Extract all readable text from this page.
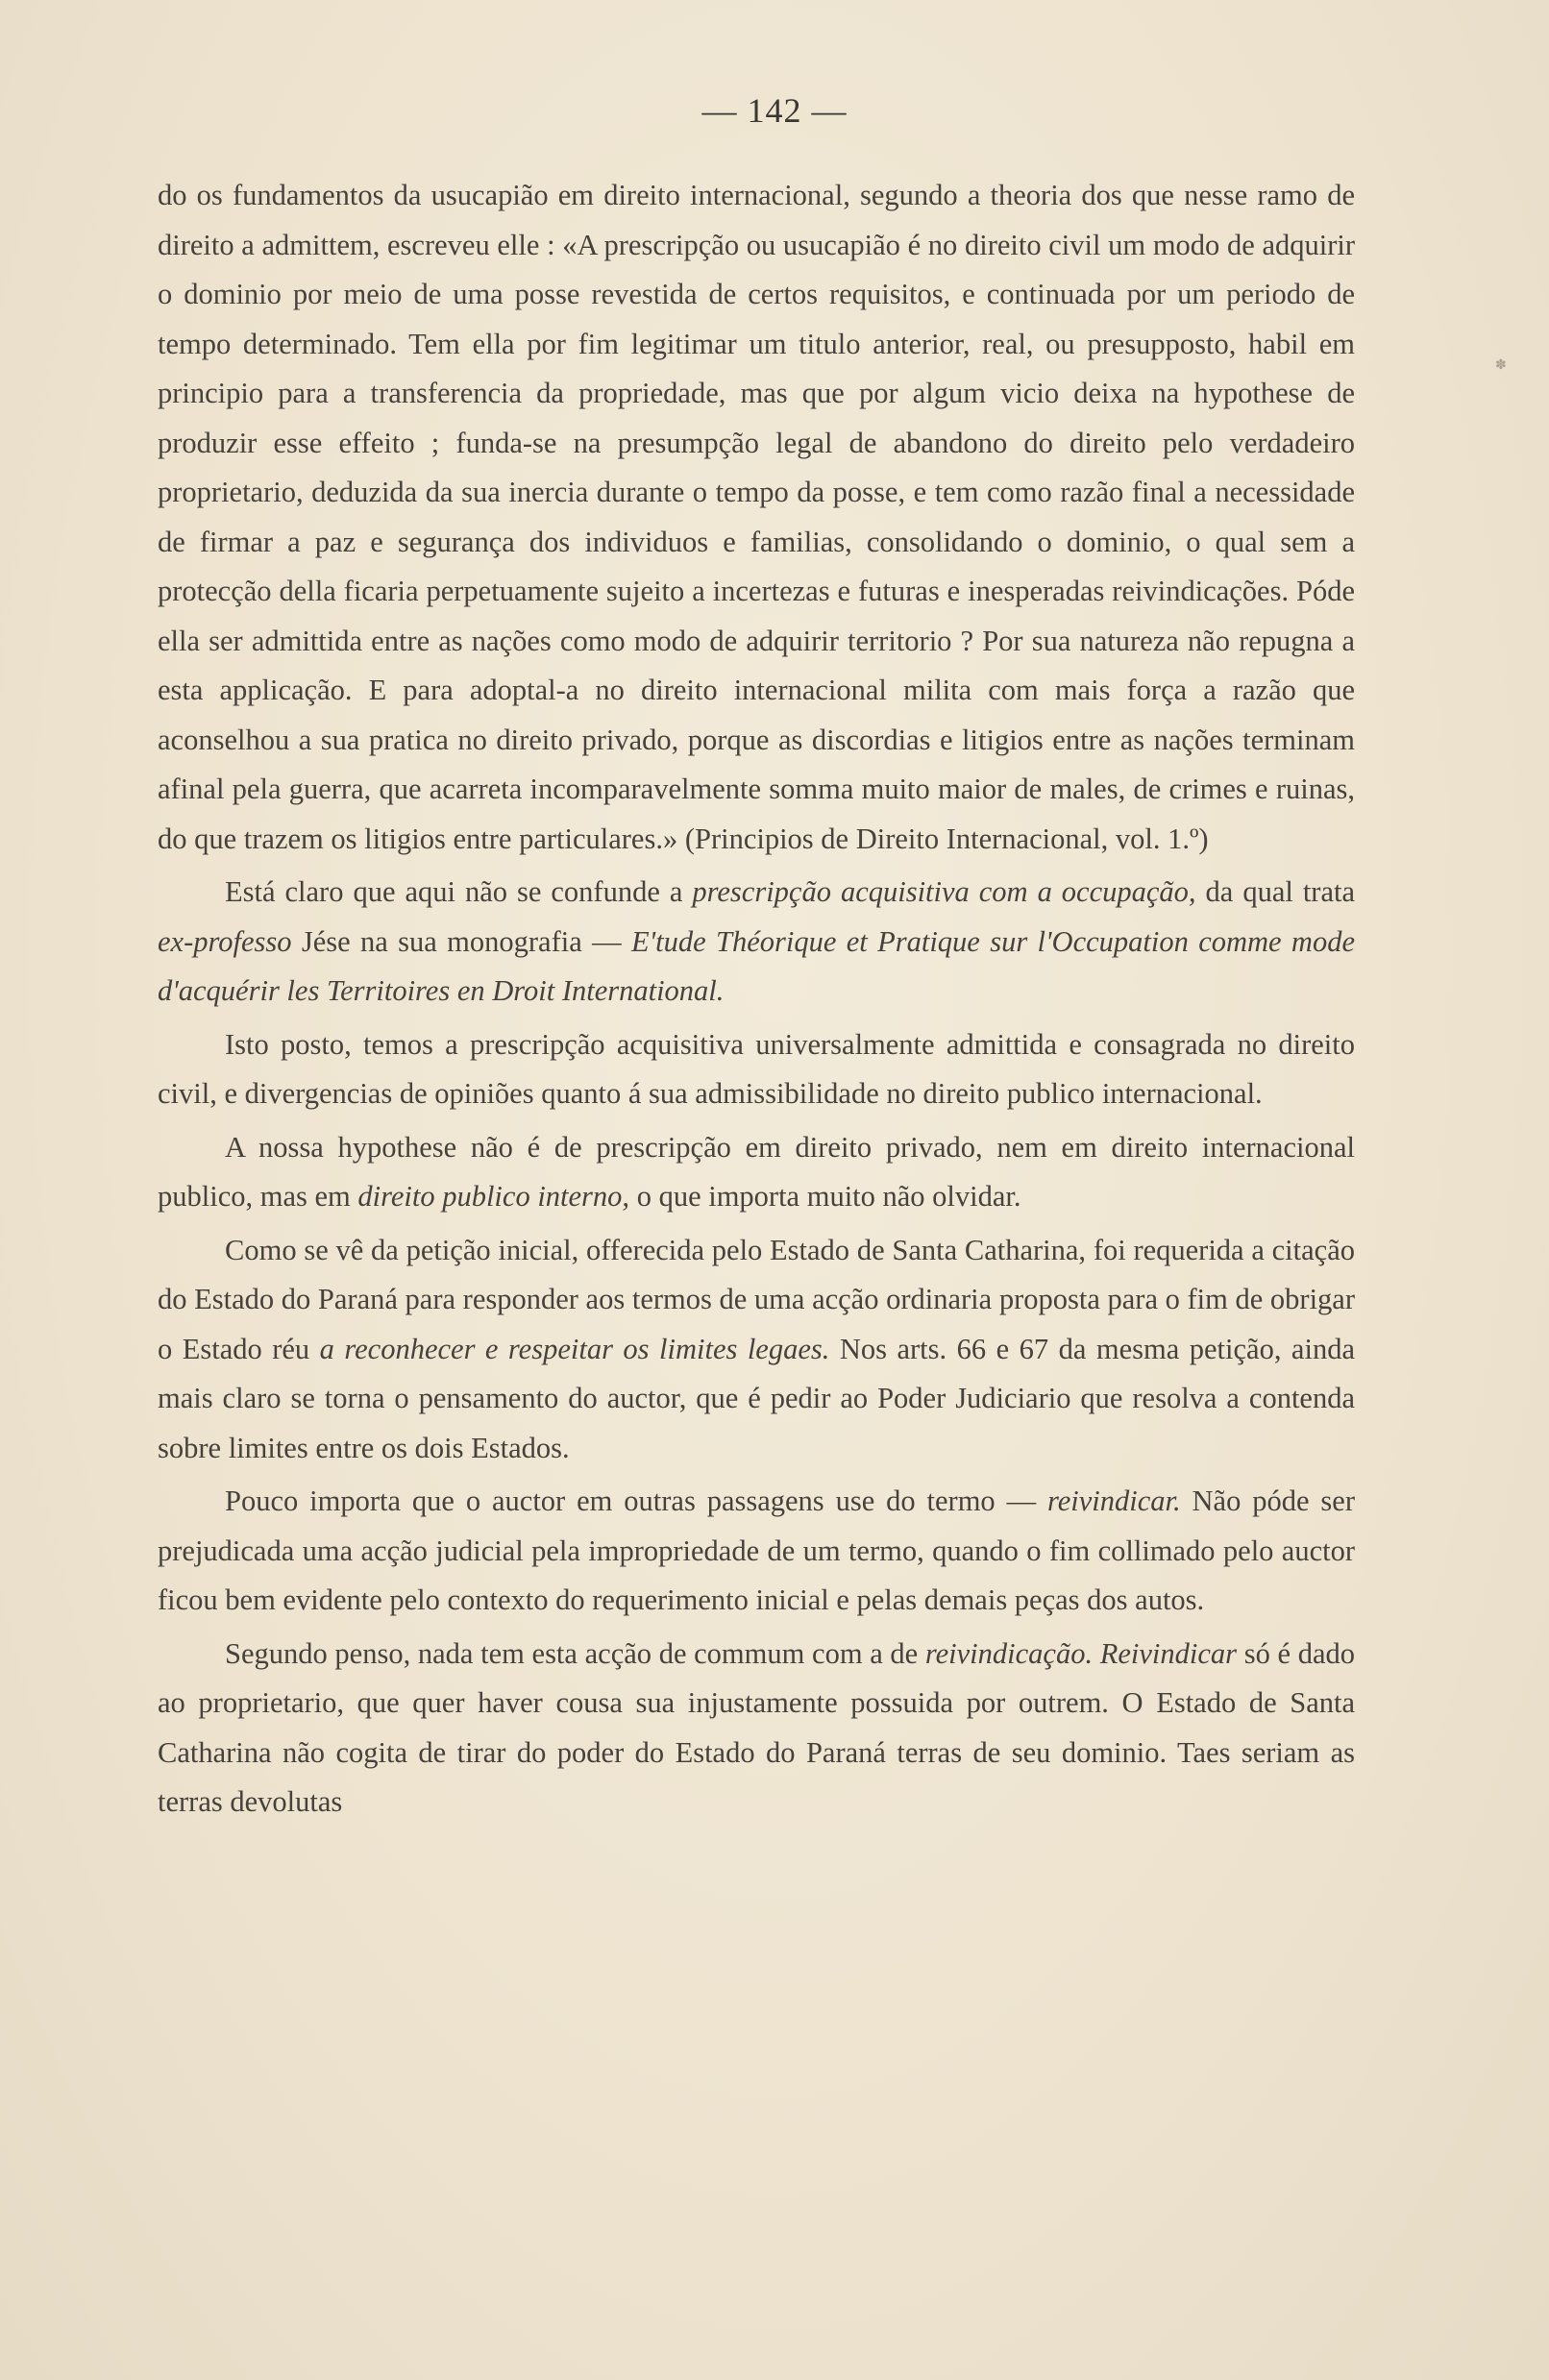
— 142 —

do os fundamentos da usucapião em direito internacional, segundo a theoria dos que nesse ramo de direito a admittem, escreveu elle : «A prescripção ou usucapião é no direito civil um modo de adquirir o dominio por meio de uma posse revestida de certos requisitos, e continuada por um periodo de tempo determinado. Tem ella por fim legitimar um titulo anterior, real, ou presupposto, habil em principio para a transferencia da propriedade, mas que por algum vicio deixa na hypothese de produzir esse effeito ; funda-se na presumpção legal de abandono do direito pelo verdadeiro proprietario, deduzida da sua inercia durante o tempo da posse, e tem como razão final a necessidade de firmar a paz e segurança dos individuos e familias, consolidando o dominio, o qual sem a protecção della ficaria perpetuamente sujeito a incertezas e futuras e inesperadas reivindicações. Póde ella ser admittida entre as nações como modo de adquirir territorio ? Por sua natureza não repugna a esta applicação. E para adoptal-a no direito internacional milita com mais força a razão que aconselhou a sua pratica no direito privado, porque as discordias e litigios entre as nações terminam afinal pela guerra, que acarreta incomparavelmente somma muito maior de males, de crimes e ruinas, do que trazem os litigios entre particulares.» (Principios de Direito Internacional, vol. 1.º)

Está claro que aqui não se confunde a prescripção acquisitiva com a occupação, da qual trata ex-professo Jése na sua monografia — E'tude Théorique et Pratique sur l'Occupation comme mode d'acquérir les Territoires en Droit International.

Isto posto, temos a prescripção acquisitiva universalmente admittida e consagrada no direito civil, e divergencias de opiniões quanto á sua admissibilidade no direito publico internacional.

A nossa hypothese não é de prescripção em direito privado, nem em direito internacional publico, mas em direito publico interno, o que importa muito não olvidar.

Como se vê da petição inicial, offerecida pelo Estado de Santa Catharina, foi requerida a citação do Estado do Paraná para responder aos termos de uma acção ordinaria proposta para o fim de obrigar o Estado réu a reconhecer e respeitar os limites legaes. Nos arts. 66 e 67 da mesma petição, ainda mais claro se torna o pensamento do auctor, que é pedir ao Poder Judiciario que resolva a contenda sobre limites entre os dois Estados.

Pouco importa que o auctor em outras passagens use do termo — reivindicar. Não póde ser prejudicada uma acção judicial pela impropriedade de um termo, quando o fim collimado pelo auctor ficou bem evidente pelo contexto do requerimento inicial e pelas demais peças dos autos.

Segundo penso, nada tem esta acção de commum com a de reivindicação. Reivindicar só é dado ao proprietario, que quer haver cousa sua injustamente possuida por outrem. O Estado de Santa Catharina não cogita de tirar do poder do Estado do Paraná terras de seu dominio. Taes seriam as terras devolutas

✽
